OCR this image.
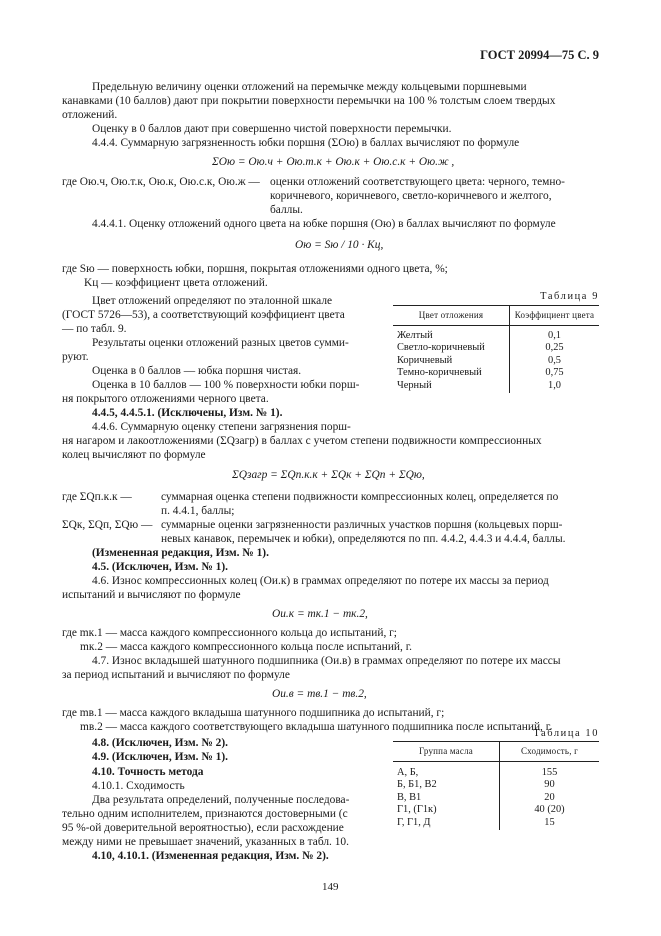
ГОСТ 20994—75 С. 9
Предельную величину оценки отложений на перемычке между кольцевыми поршневыми
канавками (10 баллов) дают при покрытии поверхности перемычки на 100 % толстым слоем твердых
отложений.
Оценку в 0 баллов дают при совершенно чистой поверхности перемычки.
4.4.4. Суммарную загрязненность юбки поршня (ΣOю) в баллах вычисляют по формуле
ΣOю = Oю.ч + Oю.т.к + Oю.к + Oю.с.к + Oю.ж ,
где Oю.ч, Oю.т.к, Oю.к, Oю.с.к, Oю.ж — оценки отложений соответствующего цвета: черного, темно-
коричневого, коричневого, светло-коричневого и желтого,
баллы.
4.4.4.1. Оценку отложений одного цвета на юбке поршня (Oю) в баллах вычисляют по формуле
Oю = Sю / 10 · Kц,
где Sю — поверхность юбки, поршня, покрытая отложениями одного цвета, %;
Kц — коэффициент цвета отложений.
Цвет отложений определяют по эталонной шкале
(ГОСТ 5726—53), а соответствующий коэффициент цвета
— по табл. 9.
Результаты оценки отложений разных цветов сумми-
руют.
Оценка в 0 баллов — юбка поршня чистая.
Оценка в 10 баллов — 100 % поверхности юбки порш-
ня покрытого отложениями черного цвета.
4.4.5, 4.4.5.1. (Исключены, Изм. № 1).
Таблица 9
Цвет отложения	Коэффициент цвета
Желтый	0,1
Светло-коричневый	0,25
Коричневый	0,5
Темно-коричневый	0,75
Черный	1,0
4.4.6. Суммарную оценку степени загрязнения порш-
ня нагаром и лакоотложениями (ΣQзагр) в баллах с учетом степени подвижности компрессионных
колец вычисляют по формуле
ΣQзагр = ΣQп.к.к + ΣQк + ΣQп + ΣQю,
где ΣQп.к.к —	суммарная оценка степени подвижности компрессионных колец, определяется по
п. 4.4.1, баллы;
ΣQк, ΣQп, ΣQю — суммарные оценки загрязненности различных участков поршня (кольцевых порш-
невых канавок, перемычек и юбки), определяются по пп. 4.4.2, 4.4.3 и 4.4.4, баллы.
(Измененная редакция, Изм. № 1).
4.5. (Исключен, Изм. № 1).
4.6. Износ компрессионных колец (Oи.к) в граммах определяют по потере их массы за период
испытаний и вычисляют по формуле
Oи.к = mк.1 − mк.2,
где mк.1 — масса каждого компрессионного кольца до испытаний, г;
mк.2 — масса каждого компрессионного кольца после испытаний, г.
4.7. Износ вкладышей шатунного подшипника (Oи.в) в граммах определяют по потере их массы
за период испытаний и вычисляют по формуле
Oи.в = mв.1 − mв.2,
где mв.1 — масса каждого вкладыша шатунного подшипника до испытаний, г;
mв.2 — масса каждого соответствующего вкладыша шатунного подшипника после испытаний, г.
4.8. (Исключен, Изм. № 2).
4.9. (Исключен, Изм. № 1).
4.10. Точность метода
4.10.1. Сходимость
Два результата определений, полученные последова-
тельно одним исполнителем, признаются достоверными (с
95 %-ой доверительной вероятностью), если расхождение
между ними не превышает значений, указанных в табл. 10.
4.10, 4.10.1. (Измененная редакция, Изм. № 2).
Таблица 10
Группа масла	Сходимость, г
А, Б,	155
Б, Б1, В2	90
В, В1	20
Г1, (Г1к)	40 (20)
Г, Г1, Д	15
149
